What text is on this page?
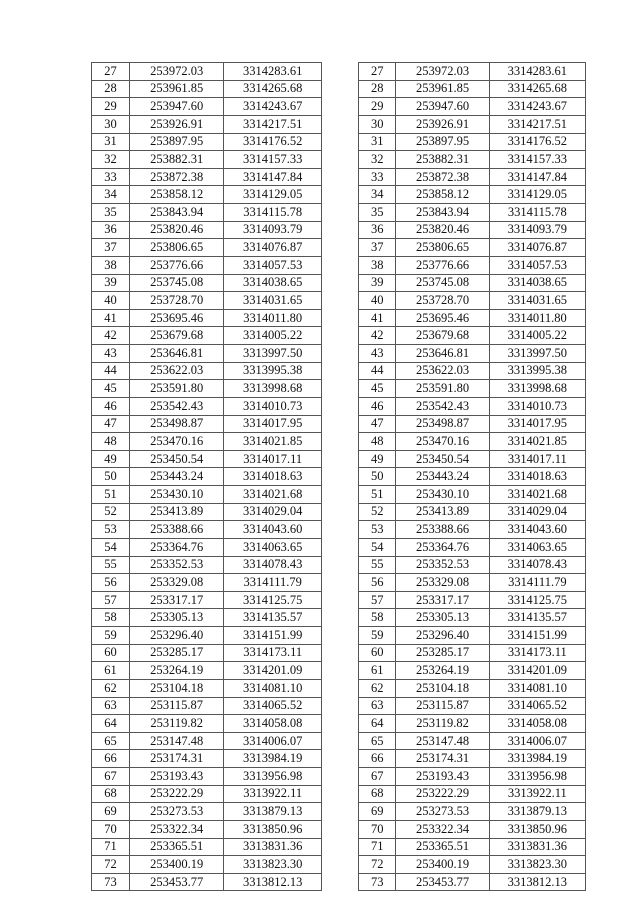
27	253972.03	3314283.61
28	253961.85	3314265.68
29	253947.60	3314243.67
30	253926.91	3314217.51
31	253897.95	3314176.52
32	253882.31	3314157.33
33	253872.38	3314147.84
34	253858.12	3314129.05
35	253843.94	3314115.78
36	253820.46	3314093.79
37	253806.65	3314076.87
38	253776.66	3314057.53
39	253745.08	3314038.65
40	253728.70	3314031.65
41	253695.46	3314011.80
42	253679.68	3314005.22
43	253646.81	3313997.50
44	253622.03	3313995.38
45	253591.80	3313998.68
46	253542.43	3314010.73
47	253498.87	3314017.95
48	253470.16	3314021.85
49	253450.54	3314017.11
50	253443.24	3314018.63
51	253430.10	3314021.68
52	253413.89	3314029.04
53	253388.66	3314043.60
54	253364.76	3314063.65
55	253352.53	3314078.43
56	253329.08	3314111.79
57	253317.17	3314125.75
58	253305.13	3314135.57
59	253296.40	3314151.99
60	253285.17	3314173.11
61	253264.19	3314201.09
62	253104.18	3314081.10
63	253115.87	3314065.52
64	253119.82	3314058.08
65	253147.48	3314006.07
66	253174.31	3313984.19
67	253193.43	3313956.98
68	253222.29	3313922.11
69	253273.53	3313879.13
70	253322.34	3313850.96
71	253365.51	3313831.36
72	253400.19	3313823.30
73	253453.77	3313812.13
27	253972.03	3314283.61
28	253961.85	3314265.68
29	253947.60	3314243.67
30	253926.91	3314217.51
31	253897.95	3314176.52
32	253882.31	3314157.33
33	253872.38	3314147.84
34	253858.12	3314129.05
35	253843.94	3314115.78
36	253820.46	3314093.79
37	253806.65	3314076.87
38	253776.66	3314057.53
39	253745.08	3314038.65
40	253728.70	3314031.65
41	253695.46	3314011.80
42	253679.68	3314005.22
43	253646.81	3313997.50
44	253622.03	3313995.38
45	253591.80	3313998.68
46	253542.43	3314010.73
47	253498.87	3314017.95
48	253470.16	3314021.85
49	253450.54	3314017.11
50	253443.24	3314018.63
51	253430.10	3314021.68
52	253413.89	3314029.04
53	253388.66	3314043.60
54	253364.76	3314063.65
55	253352.53	3314078.43
56	253329.08	3314111.79
57	253317.17	3314125.75
58	253305.13	3314135.57
59	253296.40	3314151.99
60	253285.17	3314173.11
61	253264.19	3314201.09
62	253104.18	3314081.10
63	253115.87	3314065.52
64	253119.82	3314058.08
65	253147.48	3314006.07
66	253174.31	3313984.19
67	253193.43	3313956.98
68	253222.29	3313922.11
69	253273.53	3313879.13
70	253322.34	3313850.96
71	253365.51	3313831.36
72	253400.19	3313823.30
73	253453.77	3313812.13
